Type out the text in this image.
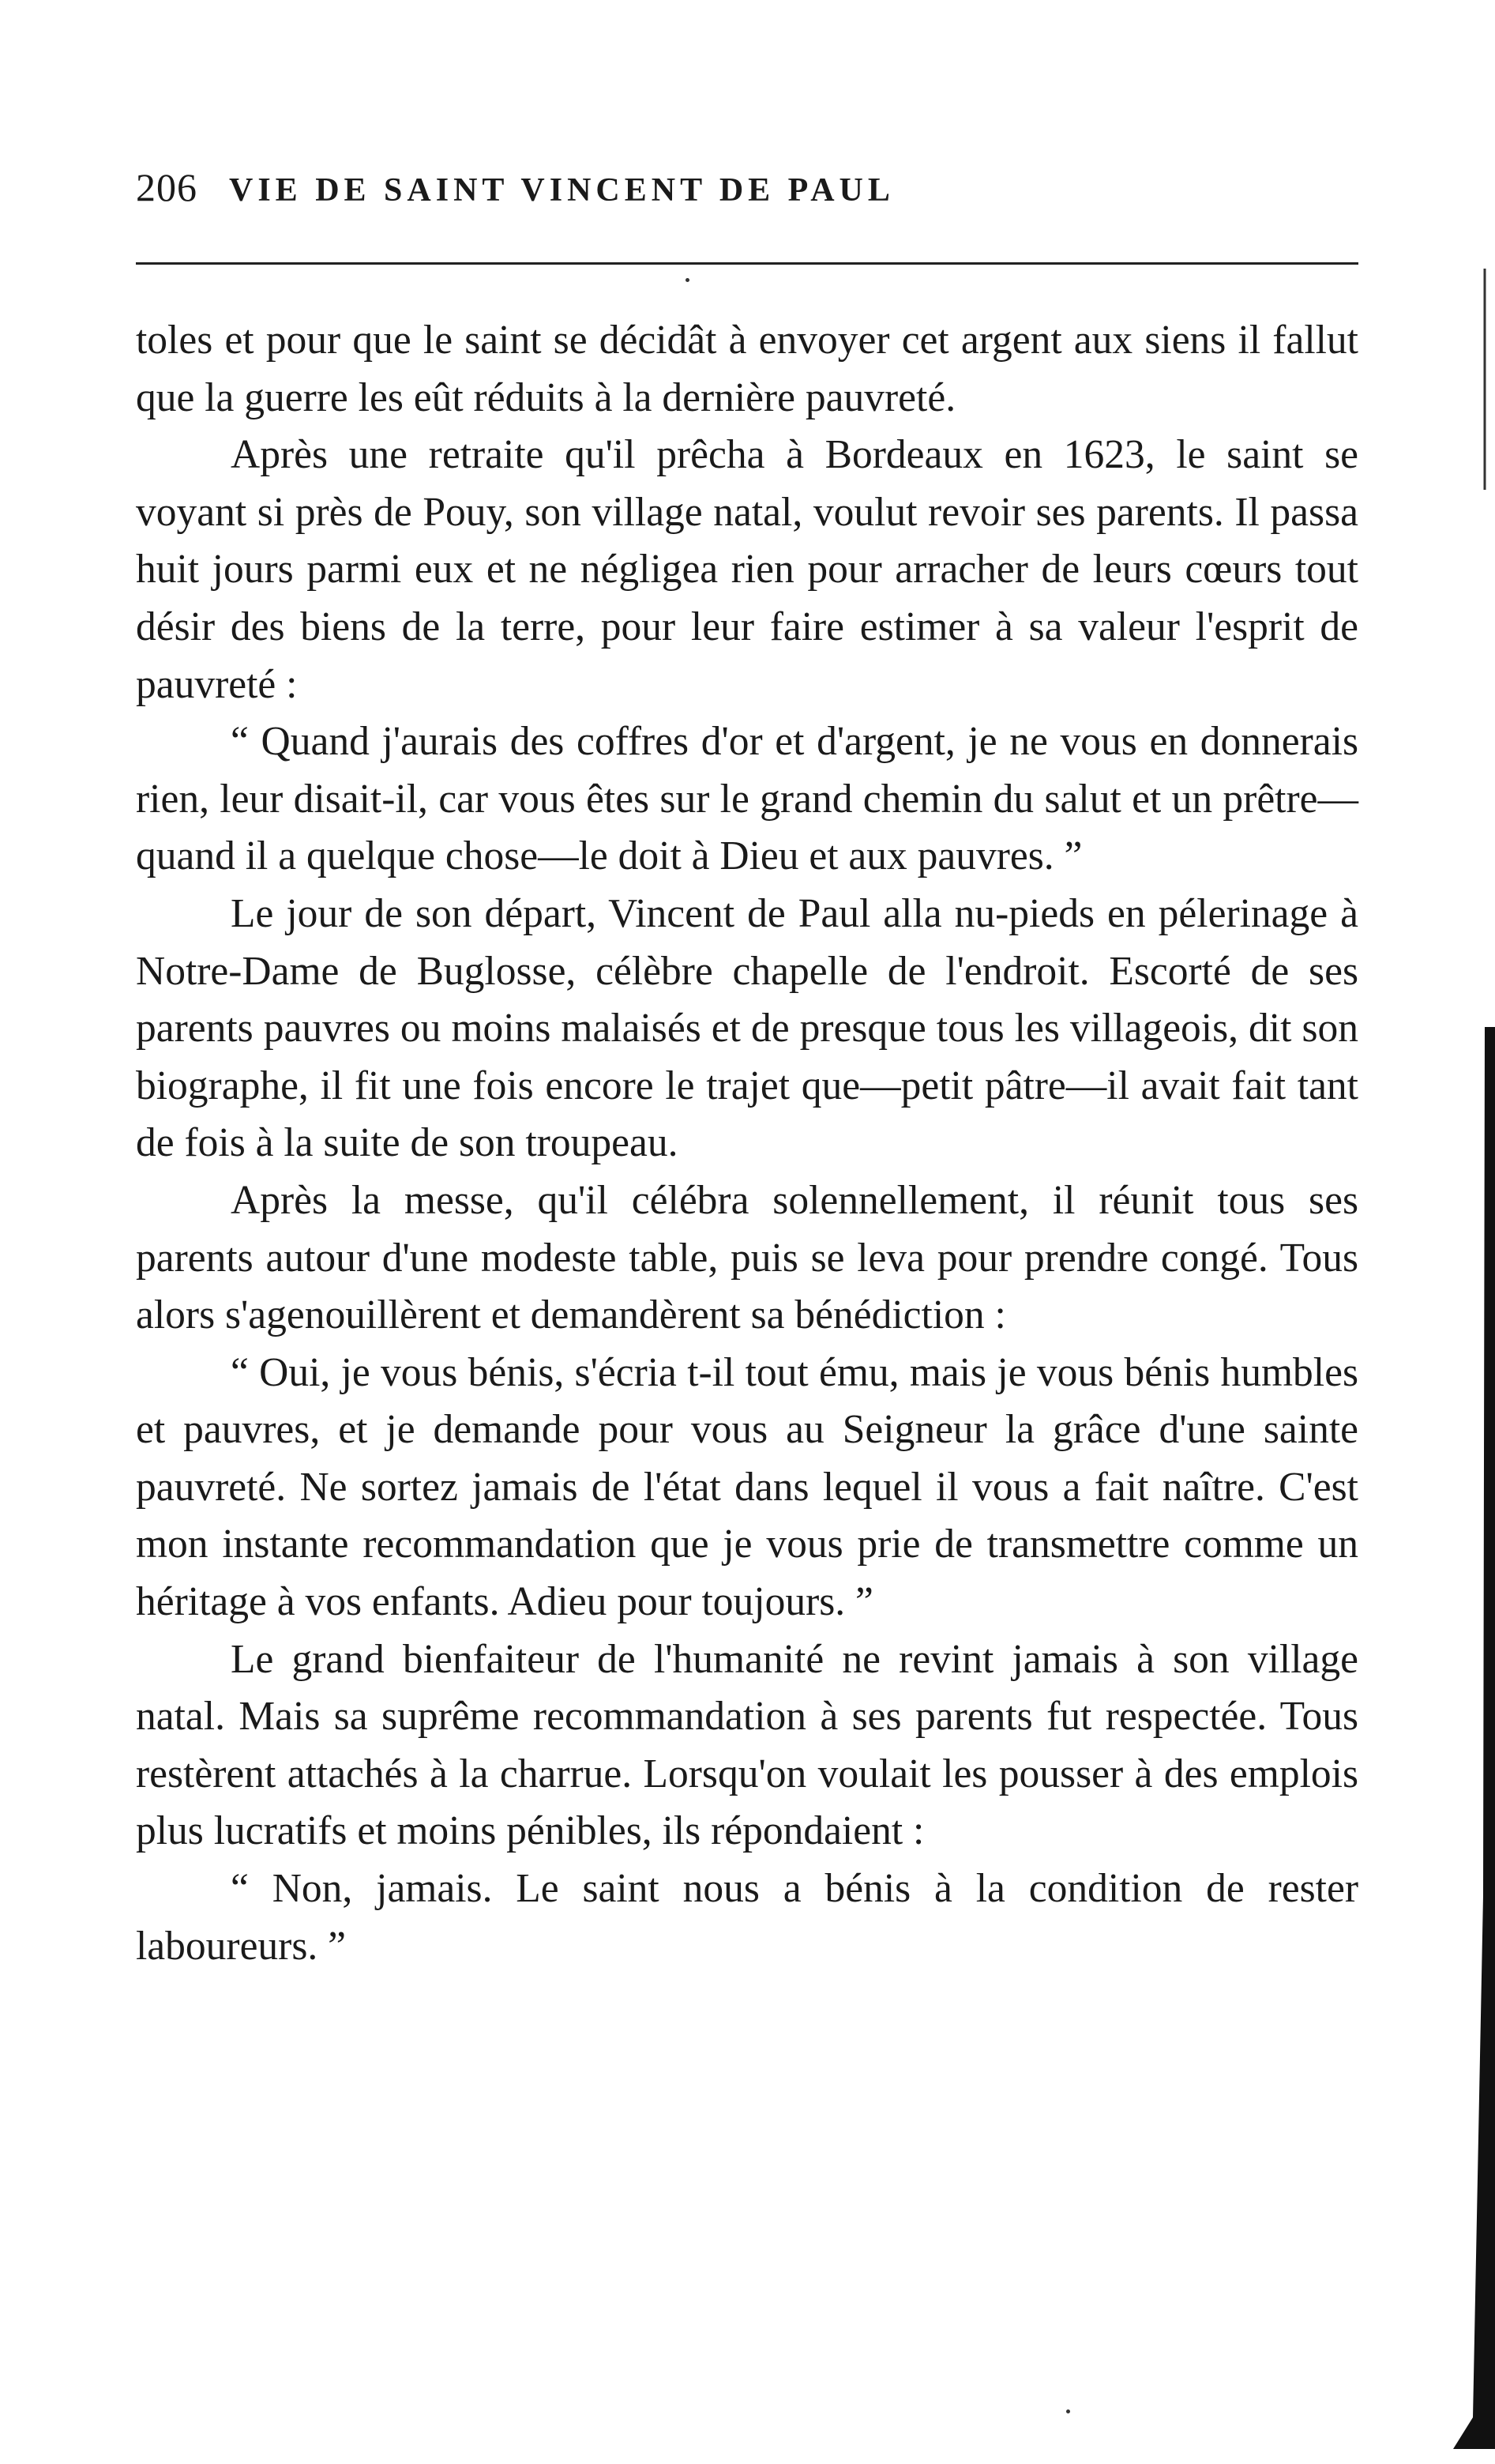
206 VIE DE SAINT VINCENT DE PAUL

toles et pour que le saint se décidât à envoyer cet argent aux siens il fallut que la guerre les eût réduits à la dernière pauvreté.

Après une retraite qu'il prêcha à Bordeaux en 1623, le saint se voyant si près de Pouy, son village natal, voulut revoir ses parents. Il passa huit jours parmi eux et ne négligea rien pour arracher de leurs cœurs tout désir des biens de la terre, pour leur faire estimer à sa valeur l'esprit de pauvreté :

“ Quand j'aurais des coffres d'or et d'argent, je ne vous en donnerais rien, leur disait-il, car vous êtes sur le grand chemin du salut et un prêtre—quand il a quelque chose—le doit à Dieu et aux pauvres. ”

Le jour de son départ, Vincent de Paul alla nu-pieds en pélerinage à Notre-Dame de Buglosse, célèbre chapelle de l'endroit. Escorté de ses parents pauvres ou moins malaisés et de presque tous les villageois, dit son biographe, il fit une fois encore le trajet que—petit pâtre—il avait fait tant de fois à la suite de son troupeau.

Après la messe, qu'il célébra solennellement, il réunit tous ses parents autour d'une modeste table, puis se leva pour prendre congé. Tous alors s'agenouillèrent et demandèrent sa bénédiction :

“ Oui, je vous bénis, s'écria t-il tout ému, mais je vous bénis humbles et pauvres, et je demande pour vous au Seigneur la grâce d'une sainte pauvreté. Ne sortez jamais de l'état dans lequel il vous a fait naître. C'est mon instante recommandation que je vous prie de transmettre comme un héritage à vos enfants. Adieu pour toujours. ”

Le grand bienfaiteur de l'humanité ne revint jamais à son village natal. Mais sa suprême recommandation à ses parents fut respectée. Tous restèrent attachés à la charrue. Lorsqu'on voulait les pousser à des emplois plus lucratifs et moins pénibles, ils répondaient :

“ Non, jamais. Le saint nous a bénis à la condition de rester laboureurs. ”
